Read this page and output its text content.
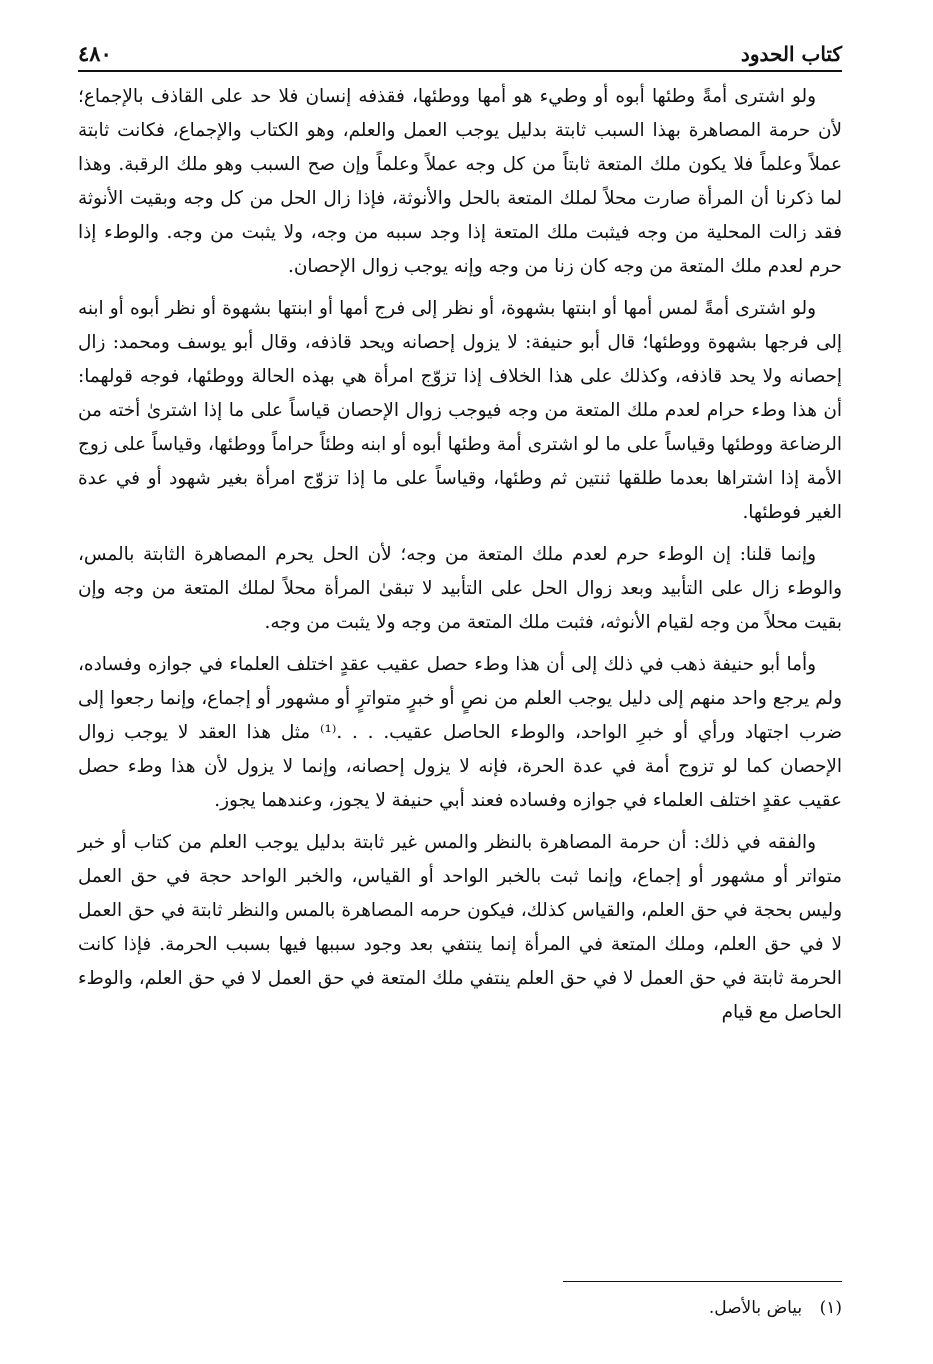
كتاب الحدود
٤٨٠

ولو اشترى أمةً وطئها أبوه أو وطيء هو أمها ووطئها، فقذفه إنسان فلا حد على القاذف بالإجماع؛ لأن حرمة المصاهرة بهذا السبب ثابتة بدليل يوجب العمل والعلم، وهو الكتاب والإجماع، فكانت ثابتة عملاً وعلماً فلا يكون ملك المتعة ثابتاً من كل وجه عملاً وعلماً وإن صح السبب وهو ملك الرقبة. وهذا لما ذكرنا أن المرأة صارت محلاً لملك المتعة بالحل والأنوثة، فإذا زال الحل من كل وجه وبقيت الأنوثة فقد زالت المحلية من وجه فيثبت ملك المتعة إذا وجد سببه من وجه، ولا يثبت من وجه. والوطء إذا حرم لعدم ملك المتعة من وجه كان زنا من وجه وإنه يوجب زوال الإحصان.

ولو اشترى أمةً لمس أمها أو ابنتها بشهوة، أو نظر إلى فرج أمها أو ابنتها بشهوة أو نظر أبوه أو ابنه إلى فرجها بشهوة ووطئها؛ قال أبو حنيفة: لا يزول إحصانه ويحد قاذفه، وقال أبو يوسف ومحمد: زال إحصانه ولا يحد قاذفه، وكذلك على هذا الخلاف إذا تزوّج امرأة هي بهذه الحالة ووطئها، فوجه قولهما: أن هذا وطء حرام لعدم ملك المتعة من وجه فيوجب زوال الإحصان قياساً على ما إذا اشترىٰ أخته من الرضاعة ووطئها وقياساً على ما لو اشترى أمة وطئها أبوه أو ابنه وطئاً حراماً ووطئها، وقياساً على زوج الأمة إذا اشتراها بعدما طلقها ثنتين ثم وطئها، وقياساً على ما إذا تزوّج امرأة بغير شهود أو في عدة الغير فوطئها.

وإنما قلنا: إن الوطء حرم لعدم ملك المتعة من وجه؛ لأن الحل يحرم المصاهرة الثابتة بالمس، والوطء زال على التأبيد وبعد زوال الحل على التأبيد لا تبقىٰ المرأة محلاً لملك المتعة من وجه وإن بقيت محلاً من وجه لقيام الأنوثه، فثبت ملك المتعة من وجه ولا يثبت من وجه.

وأما أبو حنيفة ذهب في ذلك إلى أن هذا وطء حصل عقيب عقدٍ اختلف العلماء في جوازه وفساده، ولم يرجع واحد منهم إلى دليل يوجب العلم من نصٍ أو خبرٍ متواترٍ أو مشهور أو إجماع، وإنما رجعوا إلى ضرب اجتهاد ورأي أو خبرِ الواحد، والوطء الحاصل عقيب. . . .⁽¹⁾ مثل هذا العقد لا يوجب زوال الإحصان كما لو تزوج أمة في عدة الحرة، فإنه لا يزول إحصانه، وإنما لا يزول لأن هذا وطء حصل عقيب عقدٍ اختلف العلماء في جوازه وفساده فعند أبي حنيفة لا يجوز، وعندهما يجوز.

والفقه في ذلك: أن حرمة المصاهرة بالنظر والمس غير ثابتة بدليل يوجب العلم من كتاب أو خبر متواتر أو مشهور أو إجماع، وإنما ثبت بالخبر الواحد أو القياس، والخبر الواحد حجة في حق العمل وليس بحجة في حق العلم، والقياس كذلك، فيكون حرمه المصاهرة بالمس والنظر ثابتة في حق العمل لا في حق العلم، وملك المتعة في المرأة إنما ينتفي بعد وجود سببها فيها بسبب الحرمة. فإذا كانت الحرمة ثابتة في حق العمل لا في حق العلم ينتفي ملك المتعة في حق العمل لا في حق العلم، والوطء الحاصل مع قيام

(١) بياض بالأصل.
